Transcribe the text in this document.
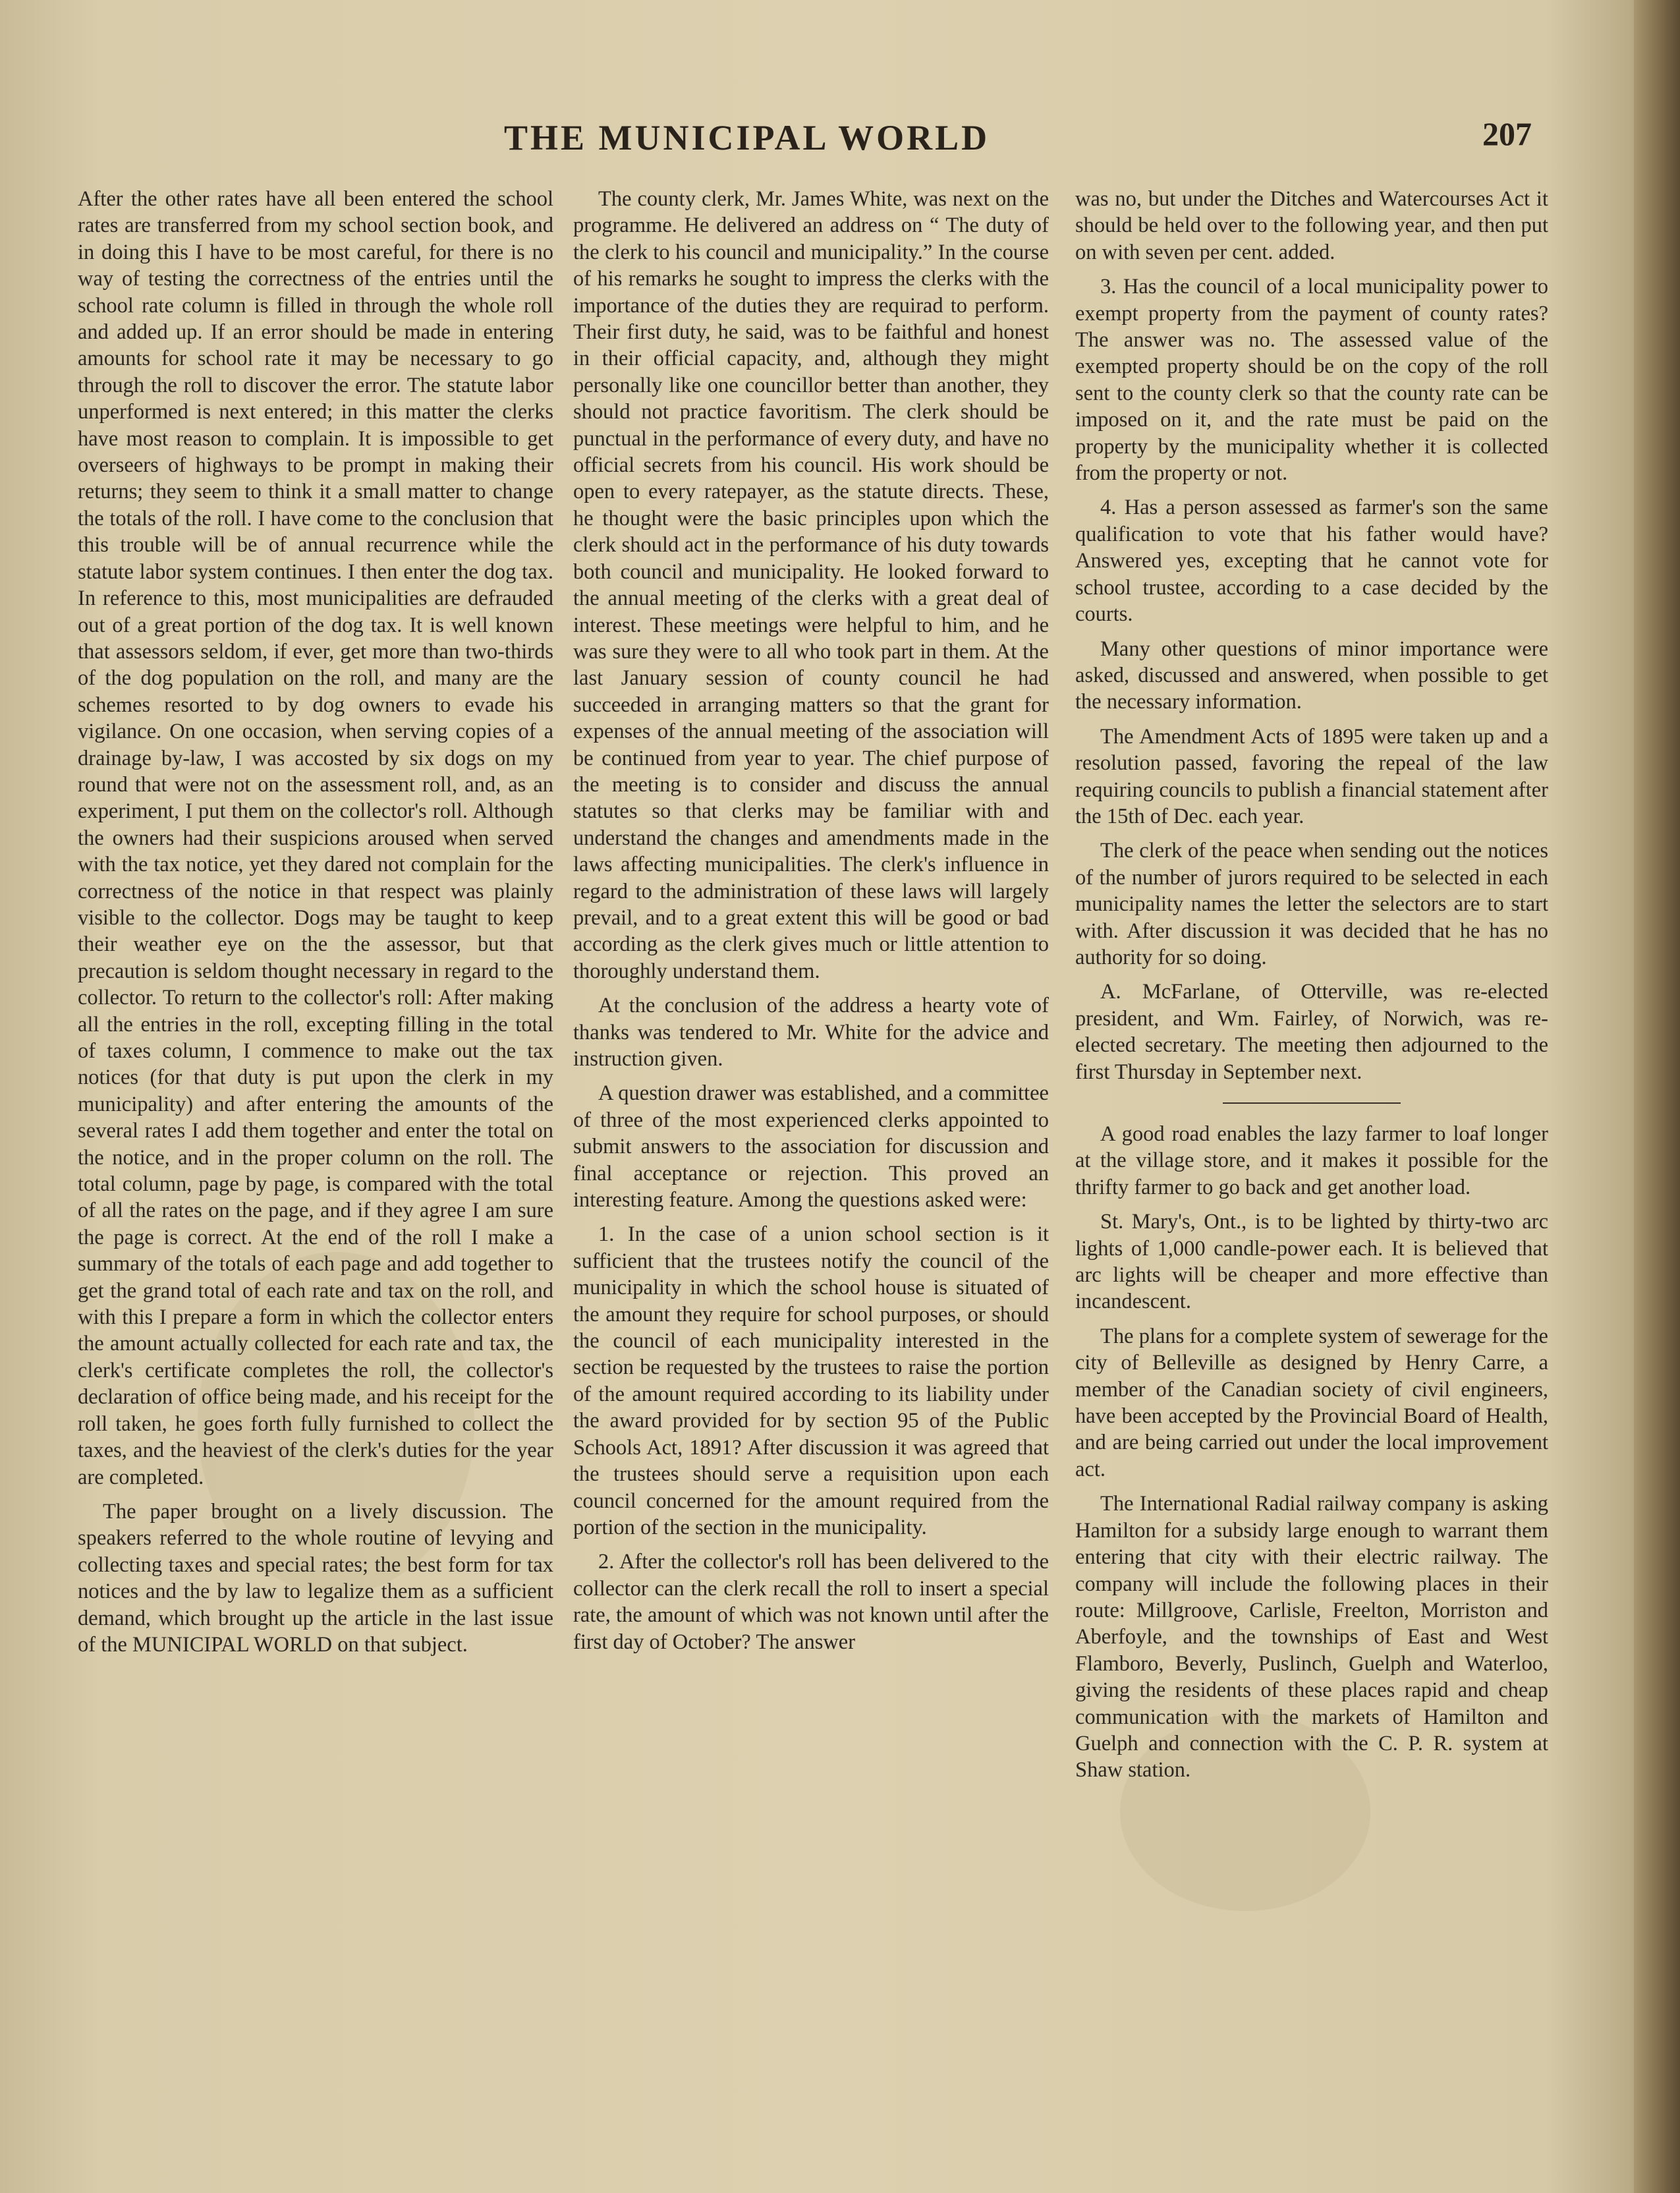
THE MUNICIPAL WORLD	207

After the other rates have all been entered the school rates are transferred from my school section book, and in doing this I have to be most careful, for there is no way of testing the correctness of the entries until the school rate column is filled in through the whole roll and added up. If an error should be made in entering amounts for school rate it may be necessary to go through the roll to discover the error. The statute labor unperformed is next entered; in this matter the clerks have most reason to complain. It is impossible to get overseers of highways to be prompt in making their returns; they seem to think it a small matter to change the totals of the roll. I have come to the conclusion that this trouble will be of annual recurrence while the statute labor system continues. I then enter the dog tax. In reference to this, most municipalities are defrauded out of a great portion of the dog tax. It is well known that assessors seldom, if ever, get more than two-thirds of the dog population on the roll, and many are the schemes resorted to by dog owners to evade his vigilance. On one occasion, when serving copies of a drainage by-law, I was accosted by six dogs on my round that were not on the assessment roll, and, as an experiment, I put them on the collector's roll. Although the owners had their suspicions aroused when served with the tax notice, yet they dared not complain for the correctness of the notice in that respect was plainly visible to the collector. Dogs may be taught to keep their weather eye on the the assessor, but that precaution is seldom thought necessary in regard to the collector. To return to the collector's roll: After making all the entries in the roll, excepting filling in the total of taxes column, I commence to make out the tax notices (for that duty is put upon the clerk in my municipality) and after entering the amounts of the several rates I add them together and enter the total on the notice, and in the proper column on the roll. The total column, page by page, is compared with the total of all the rates on the page, and if they agree I am sure the page is correct. At the end of the roll I make a summary of the totals of each page and add together to get the grand total of each rate and tax on the roll, and with this I prepare a form in which the collector enters the amount actually collected for each rate and tax, the clerk's certificate completes the roll, the collector's declaration of office being made, and his receipt for the roll taken, he goes forth fully furnished to collect the taxes, and the heaviest of the clerk's duties for the year are completed.

The paper brought on a lively discussion. The speakers referred to the whole routine of levying and collecting taxes and special rates; the best form for tax notices and the by law to legalize them as a sufficient demand, which brought up the article in the last issue of the MUNICIPAL WORLD on that subject.

The county clerk, Mr. James White, was next on the programme. He delivered an address on “ The duty of the clerk to his council and municipality.” In the course of his remarks he sought to impress the clerks with the importance of the duties they are requirad to perform. Their first duty, he said, was to be faithful and honest in their official capacity, and, although they might personally like one councillor better than another, they should not practice favoritism. The clerk should be punctual in the performance of every duty, and have no official secrets from his council. His work should be open to every ratepayer, as the statute directs. These, he thought were the basic principles upon which the clerk should act in the performance of his duty towards both council and municipality. He looked forward to the annual meeting of the clerks with a great deal of interest. These meetings were helpful to him, and he was sure they were to all who took part in them. At the last January session of county council he had succeeded in arranging matters so that the grant for expenses of the annual meeting of the association will be continued from year to year. The chief purpose of the meeting is to consider and discuss the annual statutes so that clerks may be familiar with and understand the changes and amendments made in the laws affecting municipalities. The clerk's influence in regard to the administration of these laws will largely prevail, and to a great extent this will be good or bad according as the clerk gives much or little attention to thoroughly understand them.

At the conclusion of the address a hearty vote of thanks was tendered to Mr. White for the advice and instruction given.

A question drawer was established, and a committee of three of the most experienced clerks appointed to submit answers to the association for discussion and final acceptance or rejection. This proved an interesting feature. Among the questions asked were:

1. In the case of a union school section is it sufficient that the trustees notify the council of the municipality in which the school house is situated of the amount they require for school purposes, or should the council of each municipality interested in the section be requested by the trustees to raise the portion of the amount required according to its liability under the award provided for by section 95 of the Public Schools Act, 1891? After discussion it was agreed that the trustees should serve a requisition upon each council concerned for the amount required from the portion of the section in the municipality.

2. After the collector's roll has been delivered to the collector can the clerk recall the roll to insert a special rate, the amount of which was not known until after the first day of October? The answer

was no, but under the Ditches and Watercourses Act it should be held over to the following year, and then put on with seven per cent. added.

3. Has the council of a local municipality power to exempt property from the payment of county rates? The answer was no. The assessed value of the exempted property should be on the copy of the roll sent to the county clerk so that the county rate can be imposed on it, and the rate must be paid on the property by the municipality whether it is collected from the property or not.

4. Has a person assessed as farmer's son the same qualification to vote that his father would have? Answered yes, excepting that he cannot vote for school trustee, according to a case decided by the courts.

Many other questions of minor importance were asked, discussed and answered, when possible to get the necessary information.

The Amendment Acts of 1895 were taken up and a resolution passed, favoring the repeal of the law requiring councils to publish a financial statement after the 15th of Dec. each year.

The clerk of the peace when sending out the notices of the number of jurors required to be selected in each municipality names the letter the selectors are to start with. After discussion it was decided that he has no authority for so doing.

A. McFarlane, of Otterville, was re-elected president, and Wm. Fairley, of Norwich, was re-elected secretary. The meeting then adjourned to the first Thursday in September next.

A good road enables the lazy farmer to loaf longer at the village store, and it makes it possible for the thrifty farmer to go back and get another load.

St. Mary's, Ont., is to be lighted by thirty-two arc lights of 1,000 candle-power each. It is believed that arc lights will be cheaper and more effective than incandescent.

The plans for a complete system of sewerage for the city of Belleville as designed by Henry Carre, a member of the Canadian society of civil engineers, have been accepted by the Provincial Board of Health, and are being carried out under the local improvement act.

The International Radial railway company is asking Hamilton for a subsidy large enough to warrant them entering that city with their electric railway. The company will include the following places in their route: Millgroove, Carlisle, Freelton, Morriston and Aberfoyle, and the townships of East and West Flamboro, Beverly, Puslinch, Guelph and Waterloo, giving the residents of these places rapid and cheap communication with the markets of Hamilton and Guelph and connection with the C. P. R. system at Shaw station.
